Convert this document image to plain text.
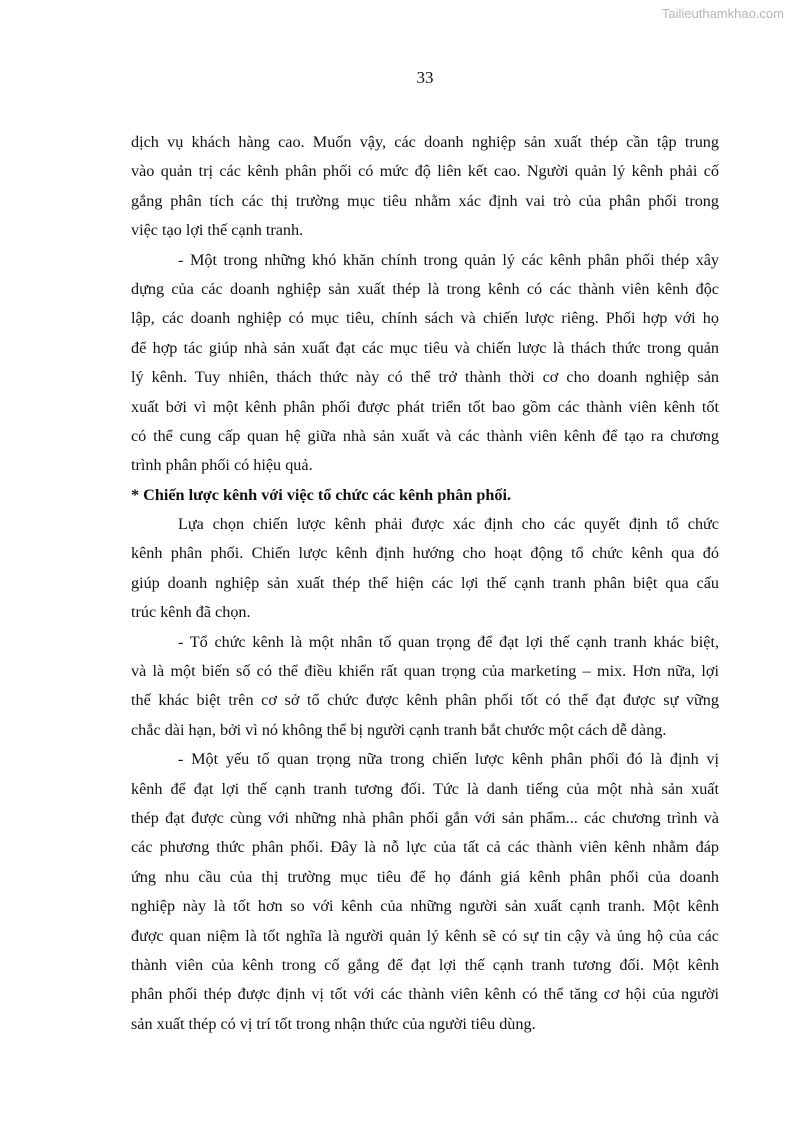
Tailieuthamkhao.com
33
dịch vụ khách hàng cao. Muốn vậy, các doanh nghiệp sản xuất thép cần tập trung
vào quản trị các kênh phân phối có mức độ liên kết cao. Người quản lý kênh phải cố
gắng phân tích các thị trường mục tiêu nhằm xác định vai trò của phân phối trong
việc tạo lợi thế cạnh tranh.
- Một trong những khó khăn chính trong quản lý các kênh phân phối thép xây
dựng của các doanh nghiệp sản xuất thép là trong kênh có các thành viên kênh độc
lập, các doanh nghiệp có mục tiêu, chính sách và chiến lược riêng. Phối hợp với họ
để hợp tác giúp nhà sản xuất đạt các mục tiêu và chiến lược là thách thức trong quản
lý kênh. Tuy nhiên, thách thức này có thể trở thành thời cơ cho doanh nghiệp sản
xuất bởi vì một kênh phân phối được phát triển tốt bao gồm các thành viên kênh tốt
có thể cung cấp quan hệ giữa nhà sản xuất và các thành viên kênh để tạo ra chương
trình phân phối có hiệu quả.
* Chiến lược kênh với việc tổ chức các kênh phân phối.
Lựa chọn chiến lược kênh phải được xác định cho các quyết định tổ chức
kênh phân phối. Chiến lược kênh định hướng cho hoạt động tổ chức kênh qua đó
giúp doanh nghiệp sản xuất thép thể hiện các lợi thế cạnh tranh phân biệt qua cấu
trúc kênh đã chọn.
- Tổ chức kênh là một nhân tố quan trọng để đạt lợi thế cạnh tranh khác biệt,
và là một biến số có thể điều khiển rất quan trọng của marketing – mix. Hơn nữa, lợi
thế khác biệt trên cơ sở tổ chức được kênh phân phối tốt có thể đạt được sự vững
chắc dài hạn, bởi vì nó không thể bị người cạnh tranh bắt chước một cách dễ dàng.
- Một yếu tố quan trọng nữa trong chiến lược kênh phân phối đó là định vị
kênh để đạt lợi thế cạnh tranh tương đối. Tức là danh tiếng của một nhà sản xuất
thép đạt được cùng với những nhà phân phối gắn với sản phẩm... các chương trình và
các phương thức phân phối. Đây là nỗ lực của tất cả các thành viên kênh nhằm đáp
ứng nhu cầu của thị trường mục tiêu để họ đánh giá kênh phân phối của doanh
nghiệp này là tốt hơn so với kênh của những người sản xuất cạnh tranh. Một kênh
được quan niệm là tốt nghĩa là người quản lý kênh sẽ có sự tin cậy và ủng hộ của các
thành viên của kênh trong cố gắng để đạt lợi thế cạnh tranh tương đối. Một kênh
phân phối thép được định vị tốt với các thành viên kênh có thể tăng cơ hội của người
sản xuất thép có vị trí tốt trong nhận thức của người tiêu dùng.
